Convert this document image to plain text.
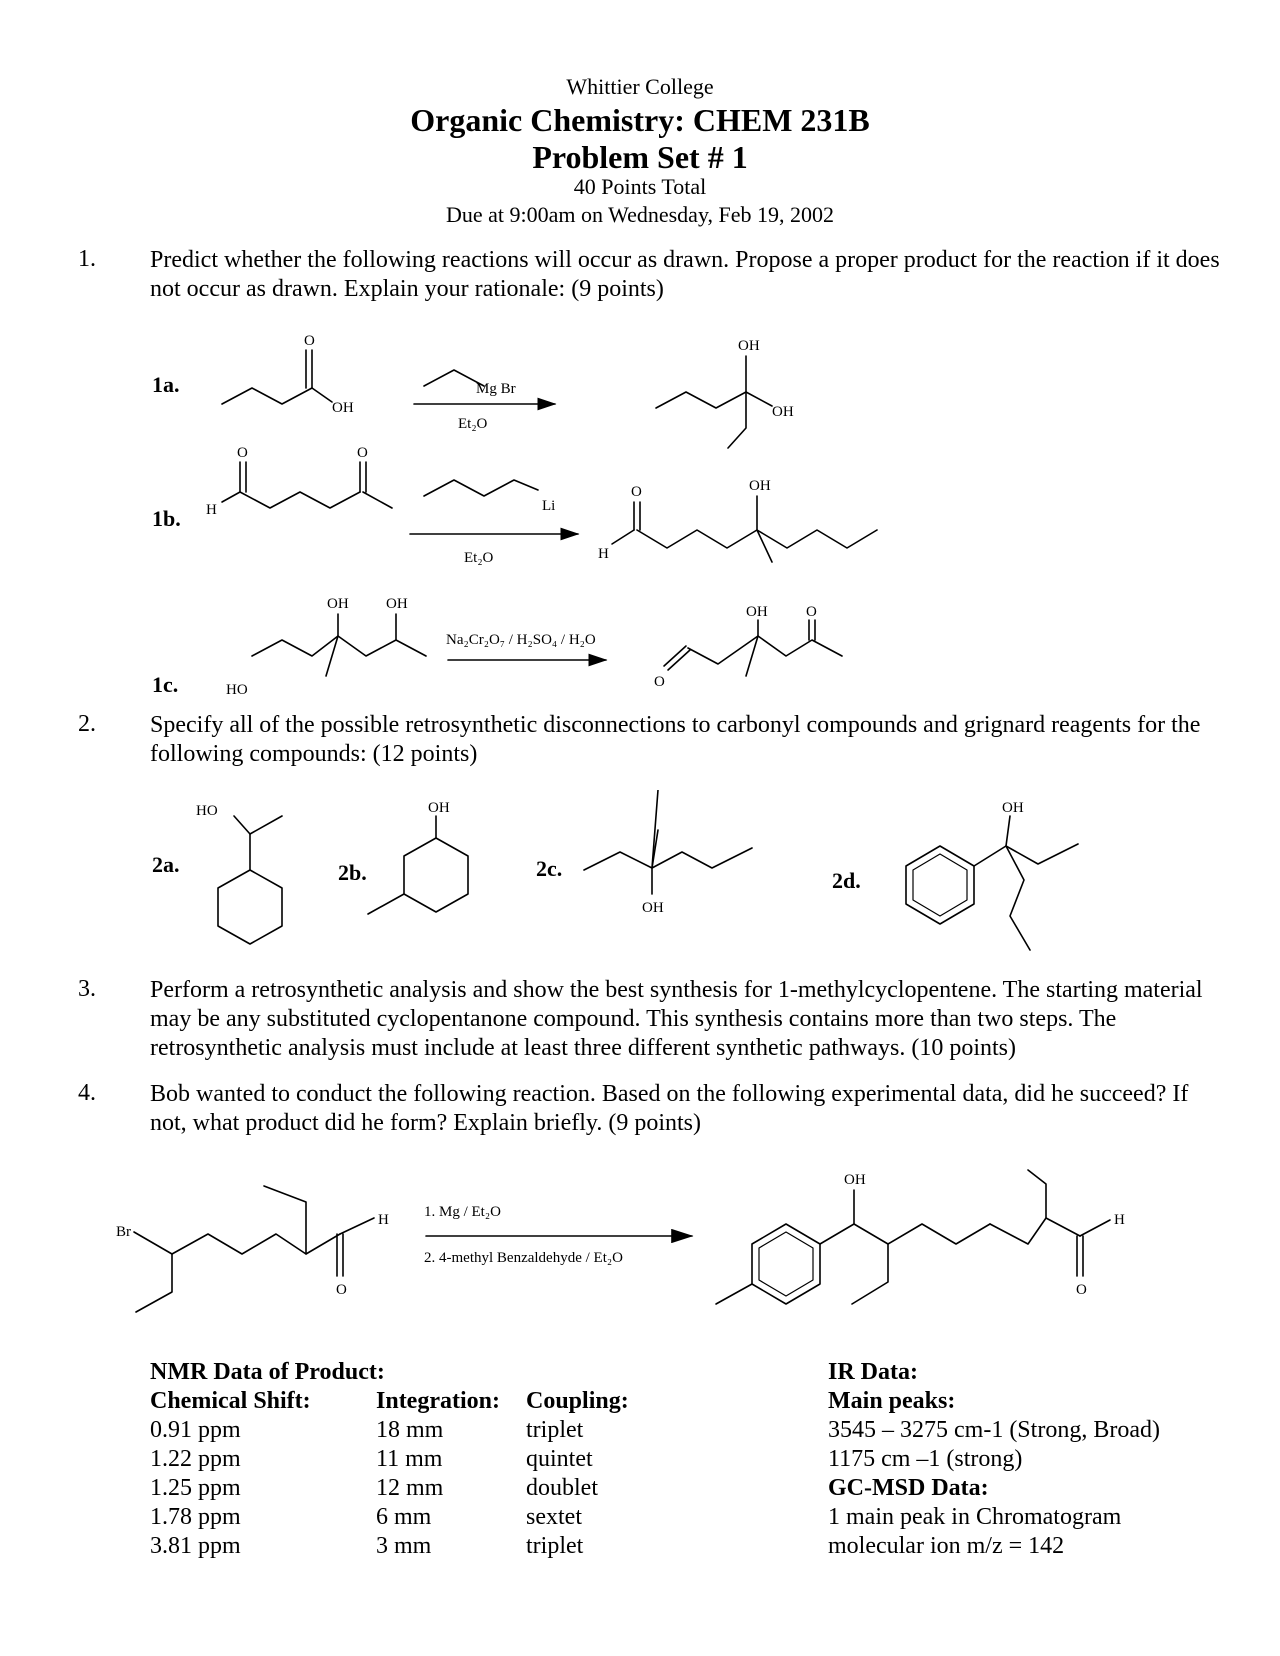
Whittier College
Organic Chemistry: CHEM 231B
Problem Set # 1
40 Points Total
Due at 9:00am on Wednesday, Feb 19, 2002
1. Predict whether the following reactions will occur as drawn. Propose a proper product for the reaction if it does not occur as drawn. Explain your rationale: (9 points)
1a.
1b.
1c.
O
OH
Mg Br
Et₂O
OH
OH
H
O	O
Li
Et₂O	H
O	OH
HO
OH OH
Na₂Cr₂O₇ / H₂SO₄ / H₂O
O
OH	O
2. Specify all of the possible retrosynthetic disconnections to carbonyl compounds and grignard reagents for the following compounds: (12 points)
2a.	2b.	2c.	2d.
HO	OH
OH
OH
3. Perform a retrosynthetic analysis and show the best synthesis for 1-methylcyclopentene. The starting material may be any substituted cyclopentanone compound. This synthesis contains more than two steps. The retrosynthetic analysis must include at least three different synthetic pathways. (10 points)
4. Bob wanted to conduct the following reaction. Based on the following experimental data, did he succeed? If not, what product did he form? Explain briefly. (9 points)
Br
H
O
1. Mg / Et₂O
2. 4-methyl Benzaldehyde / Et₂O
OH
H
O
NMR Data of Product:
Chemical Shift:	Integration: Coupling:
0.91 ppm	18 mm	triplet
1.22 ppm	11 mm	quintet
1.25 ppm	12 mm	doublet
1.78 ppm	6 mm	sextet
3.81 ppm	3 mm	triplet
IR Data:
Main peaks:
3545 – 3275 cm-1 (Strong, Broad)
1175 cm –1 (strong)
GC-MSD Data:
1 main peak in Chromatogram
molecular ion m/z = 142
